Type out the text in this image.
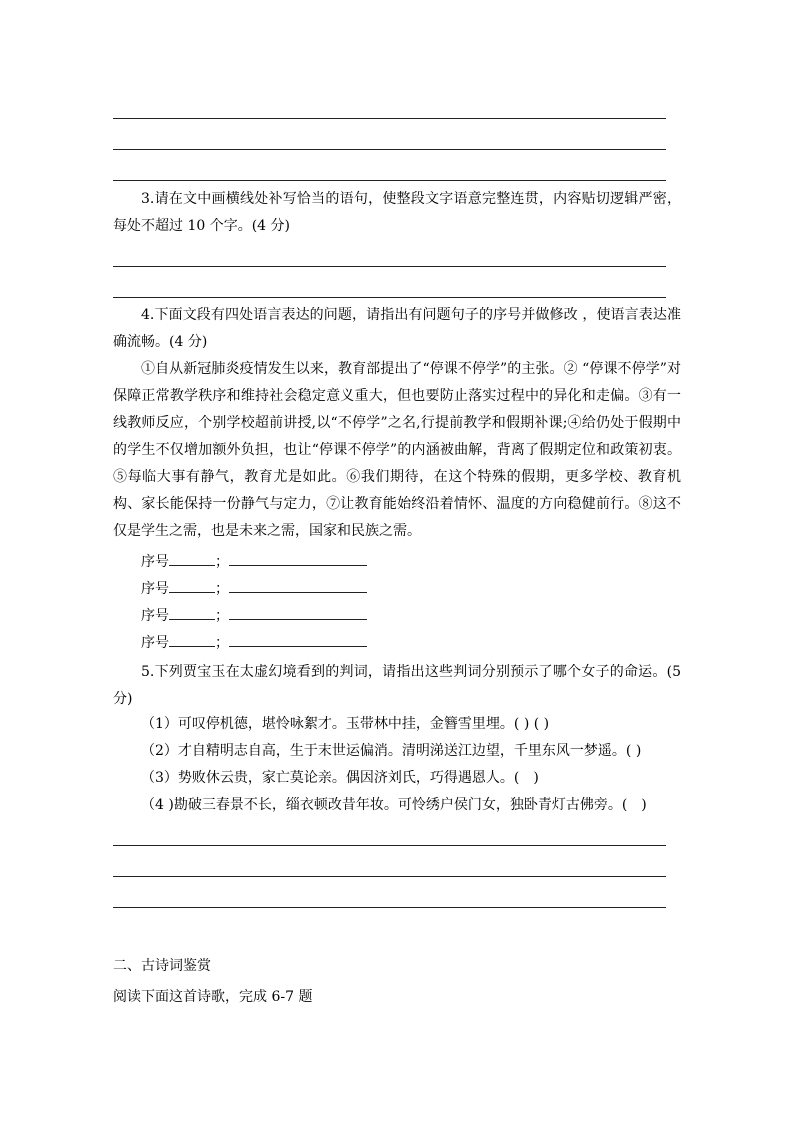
3.请在文中画横线处补写恰当的语句，使整段文字语意完整连贯，内容贴切逻辑严密，每处不超过 10 个字。(4 分)
4.下面文段有四处语言表达的问题，请指出有问题句子的序号并做修改 ，使语言表达准确流畅。(4 分)
①自从新冠肺炎疫情发生以来，教育部提出了“停课不停学”的主张。② “停课不停学”对保障正常教学秩序和维持社会稳定意义重大，但也要防止落实过程中的异化和走偏。③有一线教师反应，个别学校超前讲授,以“不停学”之名,行提前教学和假期补课;④给仍处于假期中的学生不仅增加额外负担，也让“停课不停学”的内涵被曲解，背离了假期定位和政策初衷。⑤每临大事有静气，教育尤是如此。⑥我们期待，在这个特殊的假期，更多学校、教育机构、家长能保持一份静气与定力，⑦让教育能始终沿着情怀、温度的方向稳健前行。⑧这不仅是学生之需，也是未来之需，国家和民族之需。
序号	；
序号	；
序号	；
序号	；
5.下列贾宝玉在太虚幻境看到的判词，请指出这些判词分别预示了哪个女子的命运。(5分)
（1）可叹停机德，堪怜咏絮才。玉带林中挂，金簪雪里埋。( ) ( )
（2）才自精明志自高，生于末世运偏消。清明涕送江边望，千里东风一梦遥。( )
（3）势败休云贵，家亡莫论亲。偶因济刘氏，巧得遇恩人。(　)
（4 )勘破三春景不长，缁衣顿改昔年妆。可怜绣户侯门女，独卧青灯古佛旁。(　)
二、古诗词鉴赏
阅读下面这首诗歌，完成 6-7 题
